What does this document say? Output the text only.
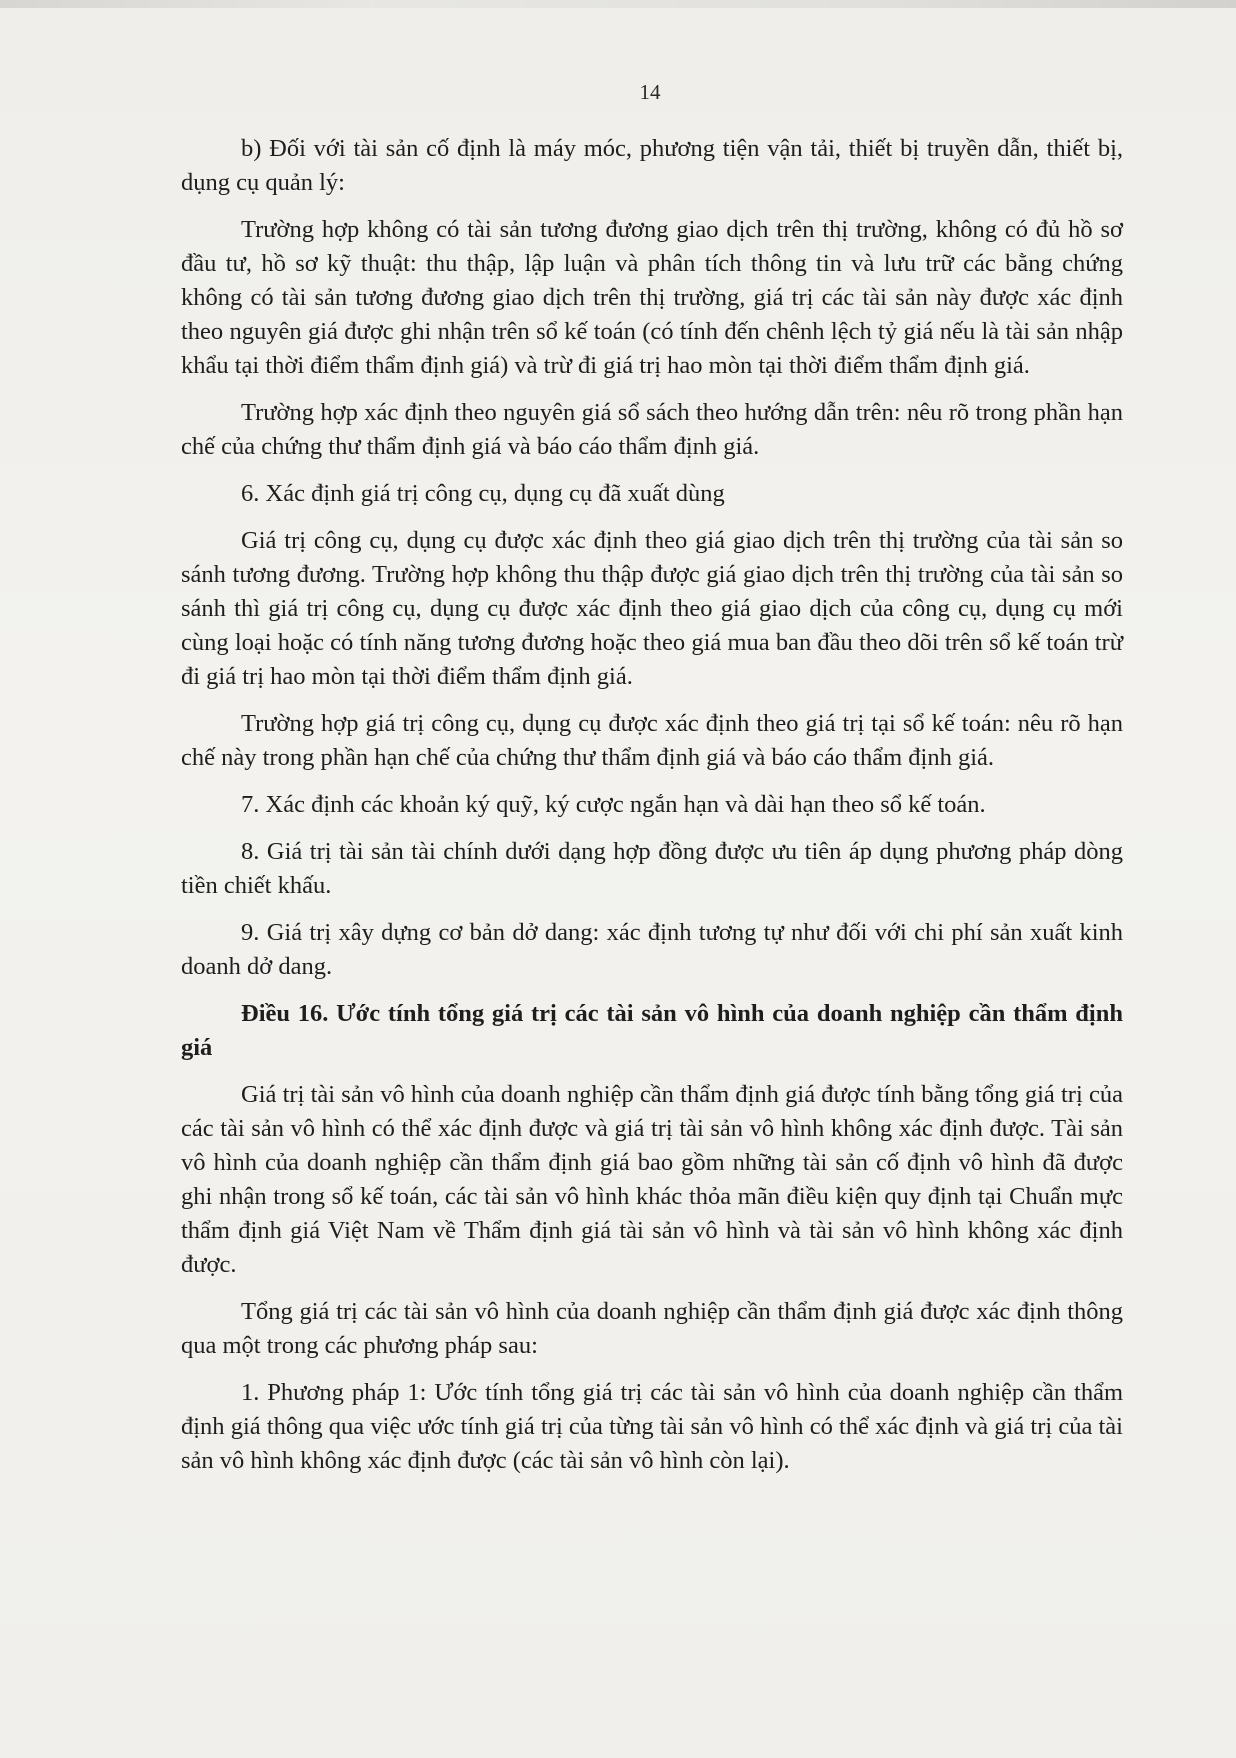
14

b) Đối với tài sản cố định là máy móc, phương tiện vận tải, thiết bị truyền dẫn, thiết bị, dụng cụ quản lý:

Trường hợp không có tài sản tương đương giao dịch trên thị trường, không có đủ hồ sơ đầu tư, hồ sơ kỹ thuật: thu thập, lập luận và phân tích thông tin và lưu trữ các bằng chứng không có tài sản tương đương giao dịch trên thị trường, giá trị các tài sản này được xác định theo nguyên giá được ghi nhận trên sổ kế toán (có tính đến chênh lệch tỷ giá nếu là tài sản nhập khẩu tại thời điểm thẩm định giá) và trừ đi giá trị hao mòn tại thời điểm thẩm định giá.

Trường hợp xác định theo nguyên giá sổ sách theo hướng dẫn trên: nêu rõ trong phần hạn chế của chứng thư thẩm định giá và báo cáo thẩm định giá.

6. Xác định giá trị công cụ, dụng cụ đã xuất dùng

Giá trị công cụ, dụng cụ được xác định theo giá giao dịch trên thị trường của tài sản so sánh tương đương. Trường hợp không thu thập được giá giao dịch trên thị trường của tài sản so sánh thì giá trị công cụ, dụng cụ được xác định theo giá giao dịch của công cụ, dụng cụ mới cùng loại hoặc có tính năng tương đương hoặc theo giá mua ban đầu theo dõi trên sổ kế toán trừ đi giá trị hao mòn tại thời điểm thẩm định giá.

Trường hợp giá trị công cụ, dụng cụ được xác định theo giá trị tại sổ kế toán: nêu rõ hạn chế này trong phần hạn chế của chứng thư thẩm định giá và báo cáo thẩm định giá.

7. Xác định các khoản ký quỹ, ký cược ngắn hạn và dài hạn theo sổ kế toán.

8. Giá trị tài sản tài chính dưới dạng hợp đồng được ưu tiên áp dụng phương pháp dòng tiền chiết khấu.

9. Giá trị xây dựng cơ bản dở dang: xác định tương tự như đối với chi phí sản xuất kinh doanh dở dang.

Điều 16. Ước tính tổng giá trị các tài sản vô hình của doanh nghiệp cần thẩm định giá

Giá trị tài sản vô hình của doanh nghiệp cần thẩm định giá được tính bằng tổng giá trị của các tài sản vô hình có thể xác định được và giá trị tài sản vô hình không xác định được. Tài sản vô hình của doanh nghiệp cần thẩm định giá bao gồm những tài sản cố định vô hình đã được ghi nhận trong sổ kế toán, các tài sản vô hình khác thỏa mãn điều kiện quy định tại Chuẩn mực thẩm định giá Việt Nam về Thẩm định giá tài sản vô hình và tài sản vô hình không xác định được.

Tổng giá trị các tài sản vô hình của doanh nghiệp cần thẩm định giá được xác định thông qua một trong các phương pháp sau:

1. Phương pháp 1: Ước tính tổng giá trị các tài sản vô hình của doanh nghiệp cần thẩm định giá thông qua việc ước tính giá trị của từng tài sản vô hình có thể xác định và giá trị của tài sản vô hình không xác định được (các tài sản vô hình còn lại).
